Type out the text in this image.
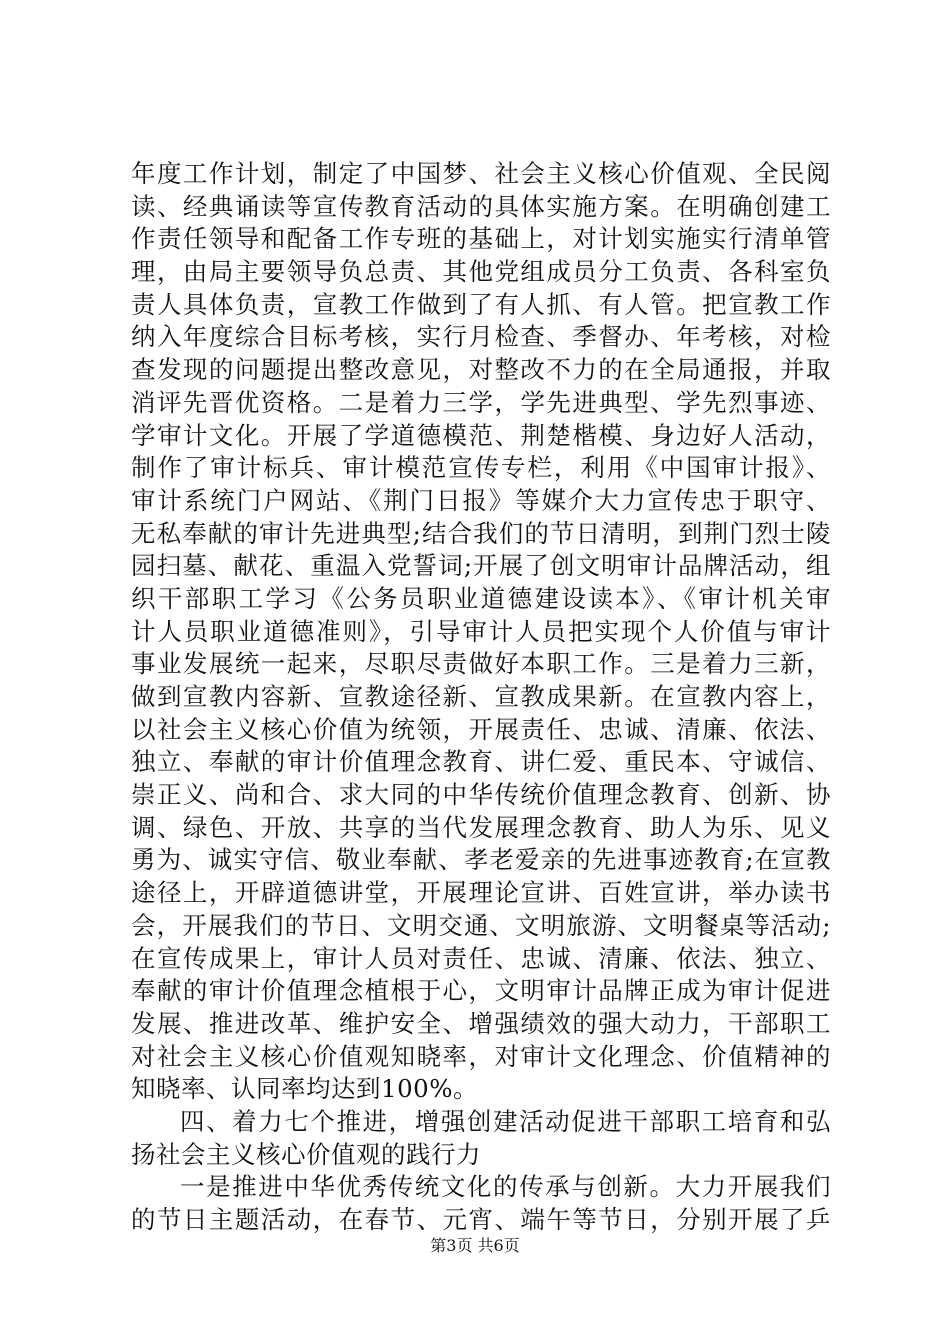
年度工作计划，制定了中国梦、社会主义核心价值观、全民阅
读、经典诵读等宣传教育活动的具体实施方案。在明确创建工
作责任领导和配备工作专班的基础上，对计划实施实行清单管
理，由局主要领导负总责、其他党组成员分工负责、各科室负
责人具体负责，宣教工作做到了有人抓、有人管。把宣教工作
纳入年度综合目标考核，实行月检查、季督办、年考核，对检
查发现的问题提出整改意见，对整改不力的在全局通报，并取
消评先晋优资格。二是着力三学，学先进典型、学先烈事迹、
学审计文化。开展了学道德模范、荆楚楷模、身边好人活动，
制作了审计标兵、审计模范宣传专栏，利用《中国审计报》、
审计系统门户网站、《荆门日报》等媒介大力宣传忠于职守、
无私奉献的审计先进典型;结合我们的节日清明，到荆门烈士陵
园扫墓、献花、重温入党誓词;开展了创文明审计品牌活动，组
织干部职工学习《公务员职业道德建设读本》、《审计机关审
计人员职业道德准则》，引导审计人员把实现个人价值与审计
事业发展统一起来，尽职尽责做好本职工作。三是着力三新，
做到宣教内容新、宣教途径新、宣教成果新。在宣教内容上，
以社会主义核心价值为统领，开展责任、忠诚、清廉、依法、
独立、奉献的审计价值理念教育、讲仁爱、重民本、守诚信、
崇正义、尚和合、求大同的中华传统价值理念教育、创新、协
调、绿色、开放、共享的当代发展理念教育、助人为乐、见义
勇为、诚实守信、敬业奉献、孝老爱亲的先进事迹教育;在宣教
途径上，开辟道德讲堂，开展理论宣讲、百姓宣讲，举办读书
会，开展我们的节日、文明交通、文明旅游、文明餐桌等活动;
在宣传成果上，审计人员对责任、忠诚、清廉、依法、独立、
奉献的审计价值理念植根于心，文明审计品牌正成为审计促进
发展、推进改革、维护安全、增强绩效的强大动力，干部职工
对社会主义核心价值观知晓率，对审计文化理念、价值精神的
知晓率、认同率均达到100%。
四、着力七个推进，增强创建活动促进干部职工培育和弘
扬社会主义核心价值观的践行力
一是推进中华优秀传统文化的传承与创新。大力开展我们
的节日主题活动，在春节、元宵、端午等节日，分别开展了乒
第3页 共6页
